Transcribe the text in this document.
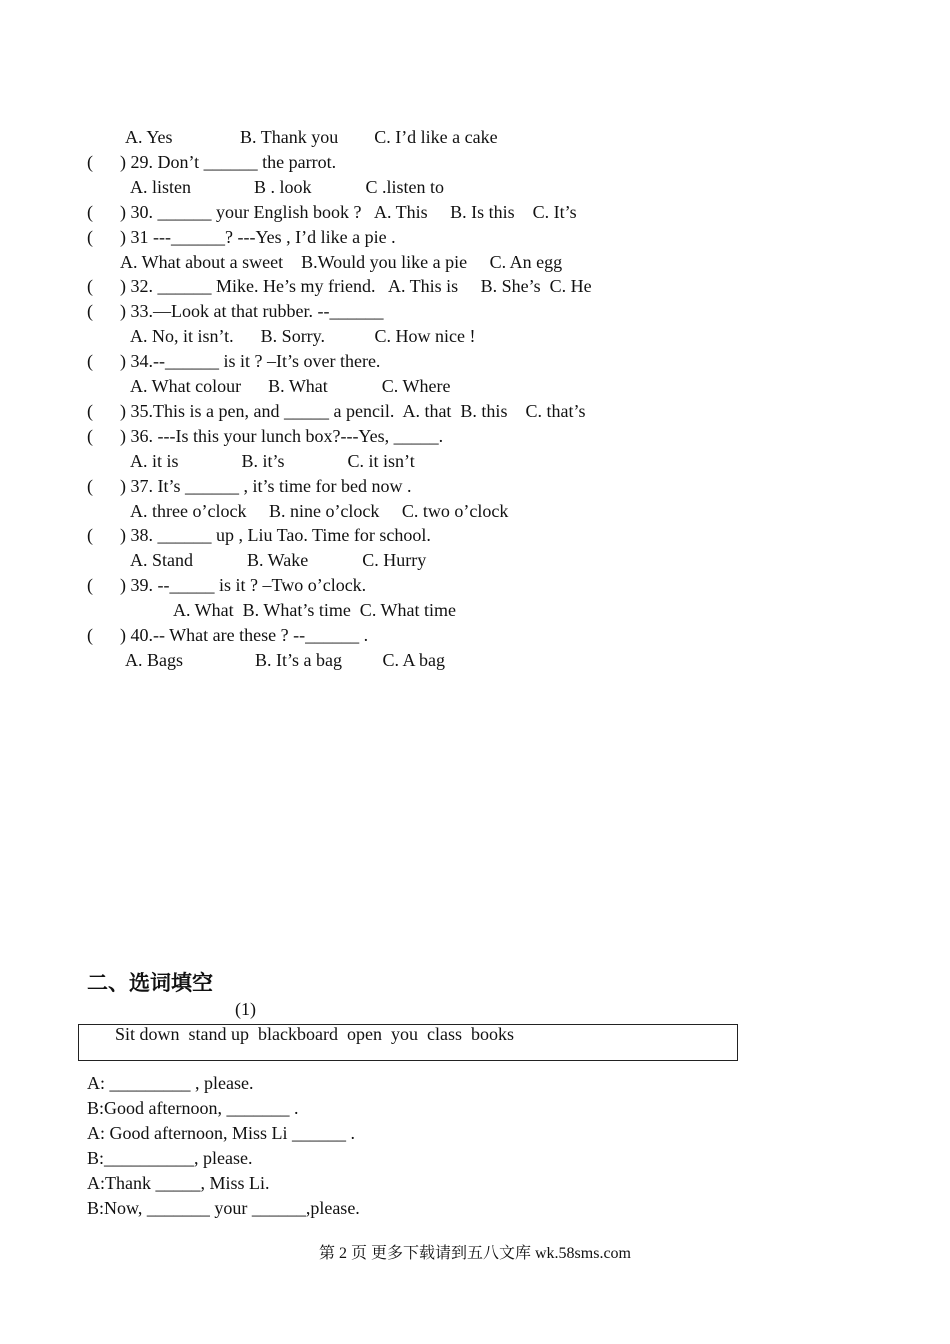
A. Yes               B. Thank you        C. I’d like a cake
(      ) 29. Don’t ______ the parrot.
A. listen              B . look            C .listen to
(      ) 30. ______ your English book ?   A. This     B. Is this    C. It’s
(      ) 31 ---______? ---Yes , I’d like a pie .
A. What about a sweet    B.Would you like a pie     C. An egg
(      ) 32. ______ Mike. He’s my friend.   A. This is     B. She’s  C. He
(      ) 33.—Look at that rubber. --______
A. No, it isn’t.      B. Sorry.           C. How nice !
(      ) 34.--______ is it ? –It’s over there.
A. What colour      B. What            C. Where
(      ) 35.This is a pen, and _____ a pencil.  A. that  B. this    C. that’s
(      ) 36. ---Is this your lunch box?---Yes, _____.
A. it is              B. it’s              C. it isn’t
(      ) 37. It’s ______ , it’s time for bed now .
A. three o’clock     B. nine o’clock     C. two o’clock
(      ) 38. ______ up , Liu Tao. Time for school.
A. Stand            B. Wake            C. Hurry
(      ) 39. --_____ is it ? –Two o’clock.
A. What  B. What’s time  C. What time
(      ) 40.-- What are these ? --______ .
A. Bags                B. It’s a bag         C. A bag
二、选词填空
(1)
Sit down  stand up  blackboard  open  you  class  books
A: _________ , please.
B:Good afternoon, _______ .
A: Good afternoon, Miss Li ______ .
B:__________, please.
A:Thank _____, Miss Li.
B:Now, _______ your ______,please.
第 2 页 更多下载请到五八文库 wk.58sms.com
